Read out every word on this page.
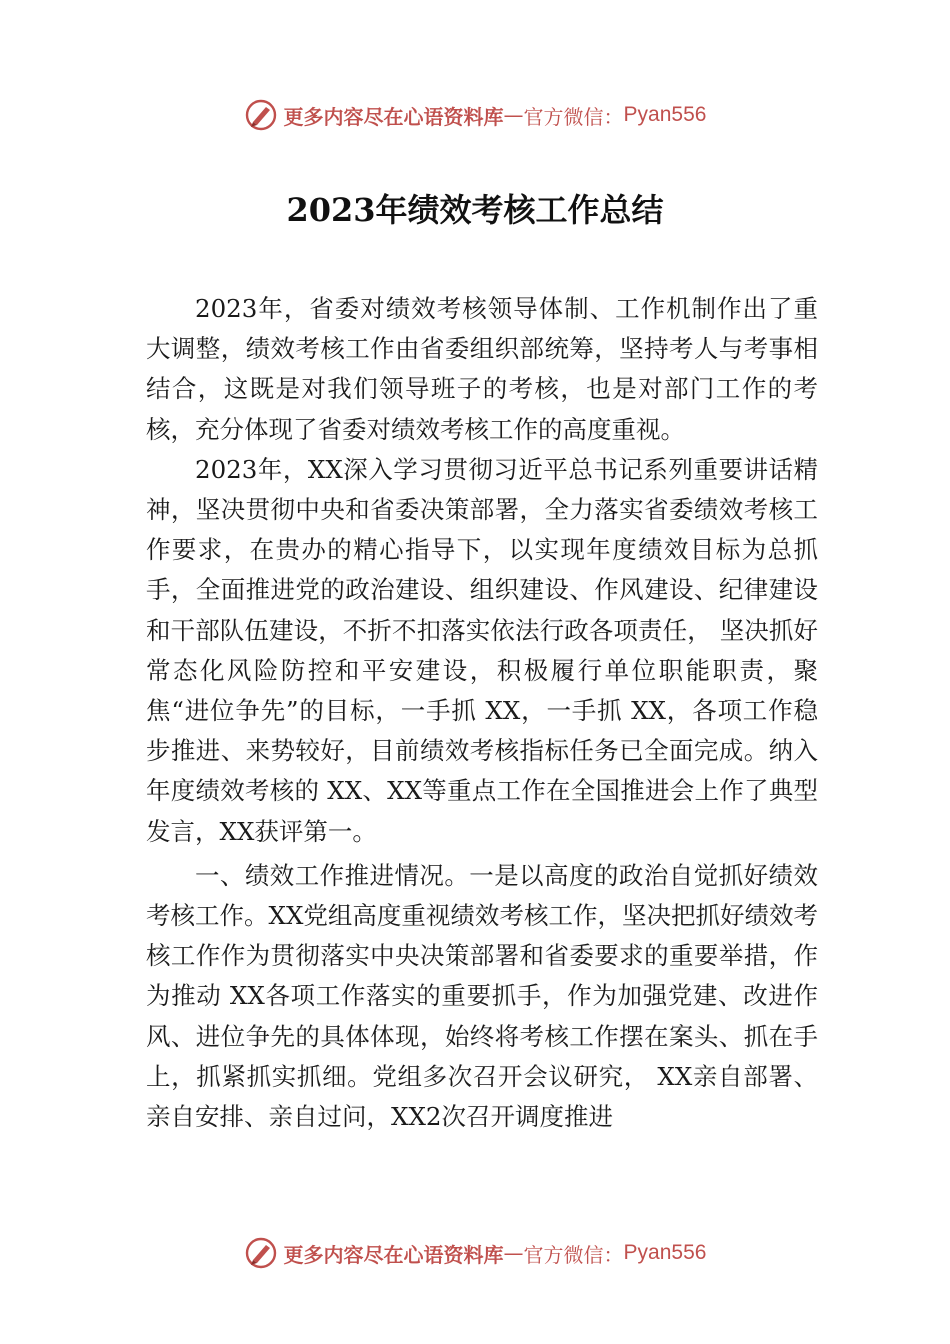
更多内容尽在心语资料库 — 官方微信： Pyan556
2023年绩效考核工作总结

2023年，省委对绩效考核领导体制、工作机制作出了重大调整，绩效考核工作由省委组织部统筹，坚持考人与考事相结合，这既是对我们领导班子的考核，也是对部门工作的考核，充分体现了省委对绩效考核工作的高度重视。

2023年，XX深入学习贯彻习近平总书记系列重要讲话精神，坚决贯彻中央和省委决策部署，全力落实省委绩效考核工作要求，在贵办的精心指导下，以实现年度绩效目标为总抓手，全面推进党的政治建设、组织建设、作风建设、纪律建设和干部队伍建设，不折不扣落实依法行政各项责任， 坚决抓好常态化风险防控和平安建设，积极履行单位职能职责，聚焦“进位争先”的目标，一手抓 XX，一手抓 XX，各项工作稳步推进、来势较好，目前绩效考核指标任务已全面完成。纳入年度绩效考核的 XX、XX等重点工作在全国推进会上作了典型发言，XX获评第一。

一、绩效工作推进情况。一是以高度的政治自觉抓好绩效考核工作。XX党组高度重视绩效考核工作，坚决把抓好绩效考核工作作为贯彻落实中央决策部署和省委要求的重要举措，作为推动 XX各项工作落实的重要抓手，作为加强党建、改进作风、进位争先的具体体现，始终将考核工作摆在案头、抓在手上，抓紧抓实抓细。党组多次召开会议研究， XX亲自部署、亲自安排、亲自过问，XX2次召开调度推进

更多内容尽在心语资料库 — 官方微信： Pyan556
